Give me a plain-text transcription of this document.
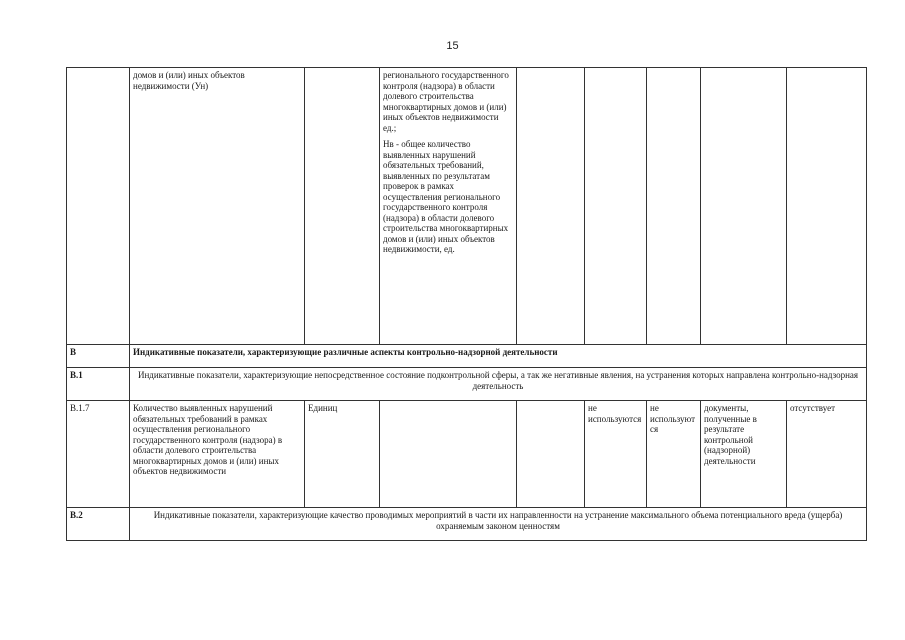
15
	домов и (или) иных объектов недвижимости (Ун)		регионального государственного контроля (надзора) в области долевого строительства многоквартирных домов и (или) иных объектов недвижимости ед.;

Нв - общее количество выявленных нарушений обязательных требований, выявленных по результатам проверок в рамках осуществления регионального государственного контроля (надзора) в области долевого строительства многоквартирных домов и (или) иных объектов недвижимости, ед.					

В	Индикативные показатели, характеризующие различные аспекты контрольно-надзорной деятельности							
В.1	Индикативные показатели, характеризующие непосредственное состояние подконтрольной сферы, а так же негативные явления, на устранения которых направлена контрольно-надзорная деятельность							
В.1.7	Количество выявленных нарушений обязательных требований в рамках осуществления регионального государственного контроля (надзора) в области долевого строительства многоквартирных домов и (или) иных объектов недвижимости	Единиц			не используются	не используются	документы, полученные в результате контрольной (надзорной) деятельности	отсутствует
В.2	Индикативные показатели, характеризующие качество проводимых мероприятий в части их направленности на устранение максимального объема потенциального вреда (ущерба) охраняемым законом ценностям							
